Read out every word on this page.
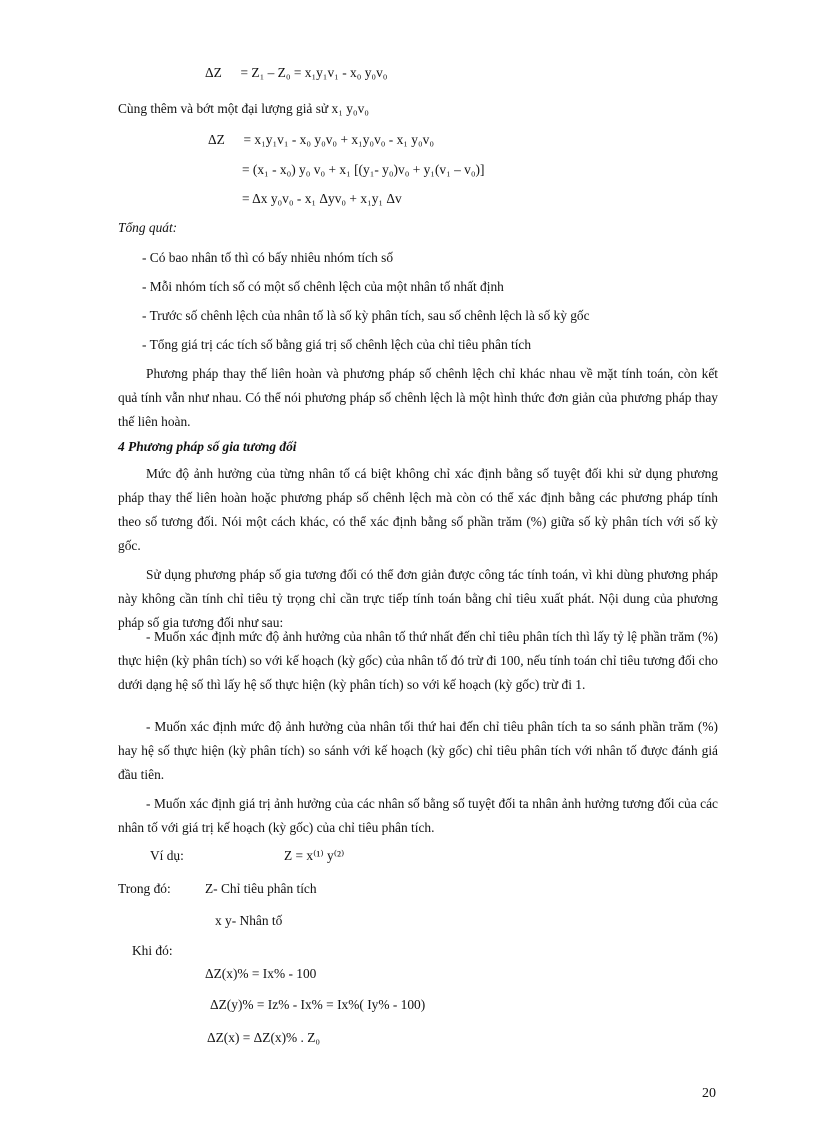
ΔZ = Z₁ – Z₀ = x₁y₁v₁ - x₀ y₀v₀
Cùng thêm và bớt một đại lượng giả sử x₁ y₀v₀
ΔZ = x₁y₁v₁ - x₀ y₀v₀ + x₁y₀v₀ - x₁ y₀v₀
= (x₁ - x₀) y₀ v₀ + x₁ [(y₁- y₀)v₀ + y₁(v₁ – v₀)]
= Δx y₀v₀ - x₁ Δyv₀ + x₁y₁ Δv
Tổng quát:
- Có bao nhân tố thì có bấy nhiêu nhóm tích số
- Mỗi nhóm tích số có một số chênh lệch của một nhân tố nhất định
- Trước số chênh lệch của nhân tố là số kỳ phân tích, sau số chênh lệch là số kỳ gốc
- Tổng giá trị các tích số bằng giá trị số chênh lệch của chỉ tiêu phân tích
Phương pháp thay thế liên hoàn và phương pháp số chênh lệch chỉ khác nhau về mặt tính toán, còn kết quả tính vẫn như nhau. Có thể nói phương pháp số chênh lệch là một hình thức đơn giản của phương pháp thay thế liên hoàn.
4 Phương pháp số gia tương đối
Mức độ ảnh hưởng của từng nhân tố cá biệt không chỉ xác định bằng số tuyệt đối khi sử dụng phương pháp thay thế liên hoàn hoặc phương pháp số chênh lệch mà còn có thể xác định bằng các phương pháp tính theo số tương đối. Nói một cách khác, có thể xác định bằng số phần trăm (%) giữa số kỳ phân tích với số kỳ gốc.
Sử dụng phương pháp số gia tương đối có thể đơn giản được công tác tính toán, vì khi dùng phương pháp này không cần tính chỉ tiêu tỷ trọng chỉ cần trực tiếp tính toán bằng chỉ tiêu xuất phát. Nội dung của phương pháp số gia tương đối như sau:
- Muốn xác định mức độ ảnh hưởng của nhân tố thứ nhất đến chỉ tiêu phân tích thì lấy tỷ lệ phần trăm (%) thực hiện (kỳ phân tích) so với kế hoạch (kỳ gốc) của nhân tố đó trừ đi 100, nếu tính toán chỉ tiêu tương đối cho dưới dạng hệ số thì lấy hệ số thực hiện (kỳ phân tích) so với kế hoạch (kỳ gốc) trừ đi 1.
- Muốn xác định mức độ ảnh hưởng của nhân tối thứ hai đến chỉ tiêu phân tích ta so sánh phần trăm (%) hay hệ số thực hiện (kỳ phân tích) so sánh với kế hoạch (kỳ gốc) chỉ tiêu phân tích với nhân tố được đánh giá đầu tiên.
- Muốn xác định giá trị ảnh hưởng của các nhân số bằng số tuyệt đối ta nhân ảnh hưởng tương đối của các nhân tố với giá trị kế hoạch (kỳ gốc) của chỉ tiêu phân tích.
Ví dụ:	Z = x⁽¹⁾ y⁽²⁾
Trong đó:	Z- Chỉ tiêu phân tích
x y- Nhân tố
Khi đó:
ΔZ(x)% = Ix% - 100
ΔZ(y)% = Iz% - Ix% = Ix%( Iy% - 100)
ΔZ(x) = ΔZ(x)% . Z₀
20
